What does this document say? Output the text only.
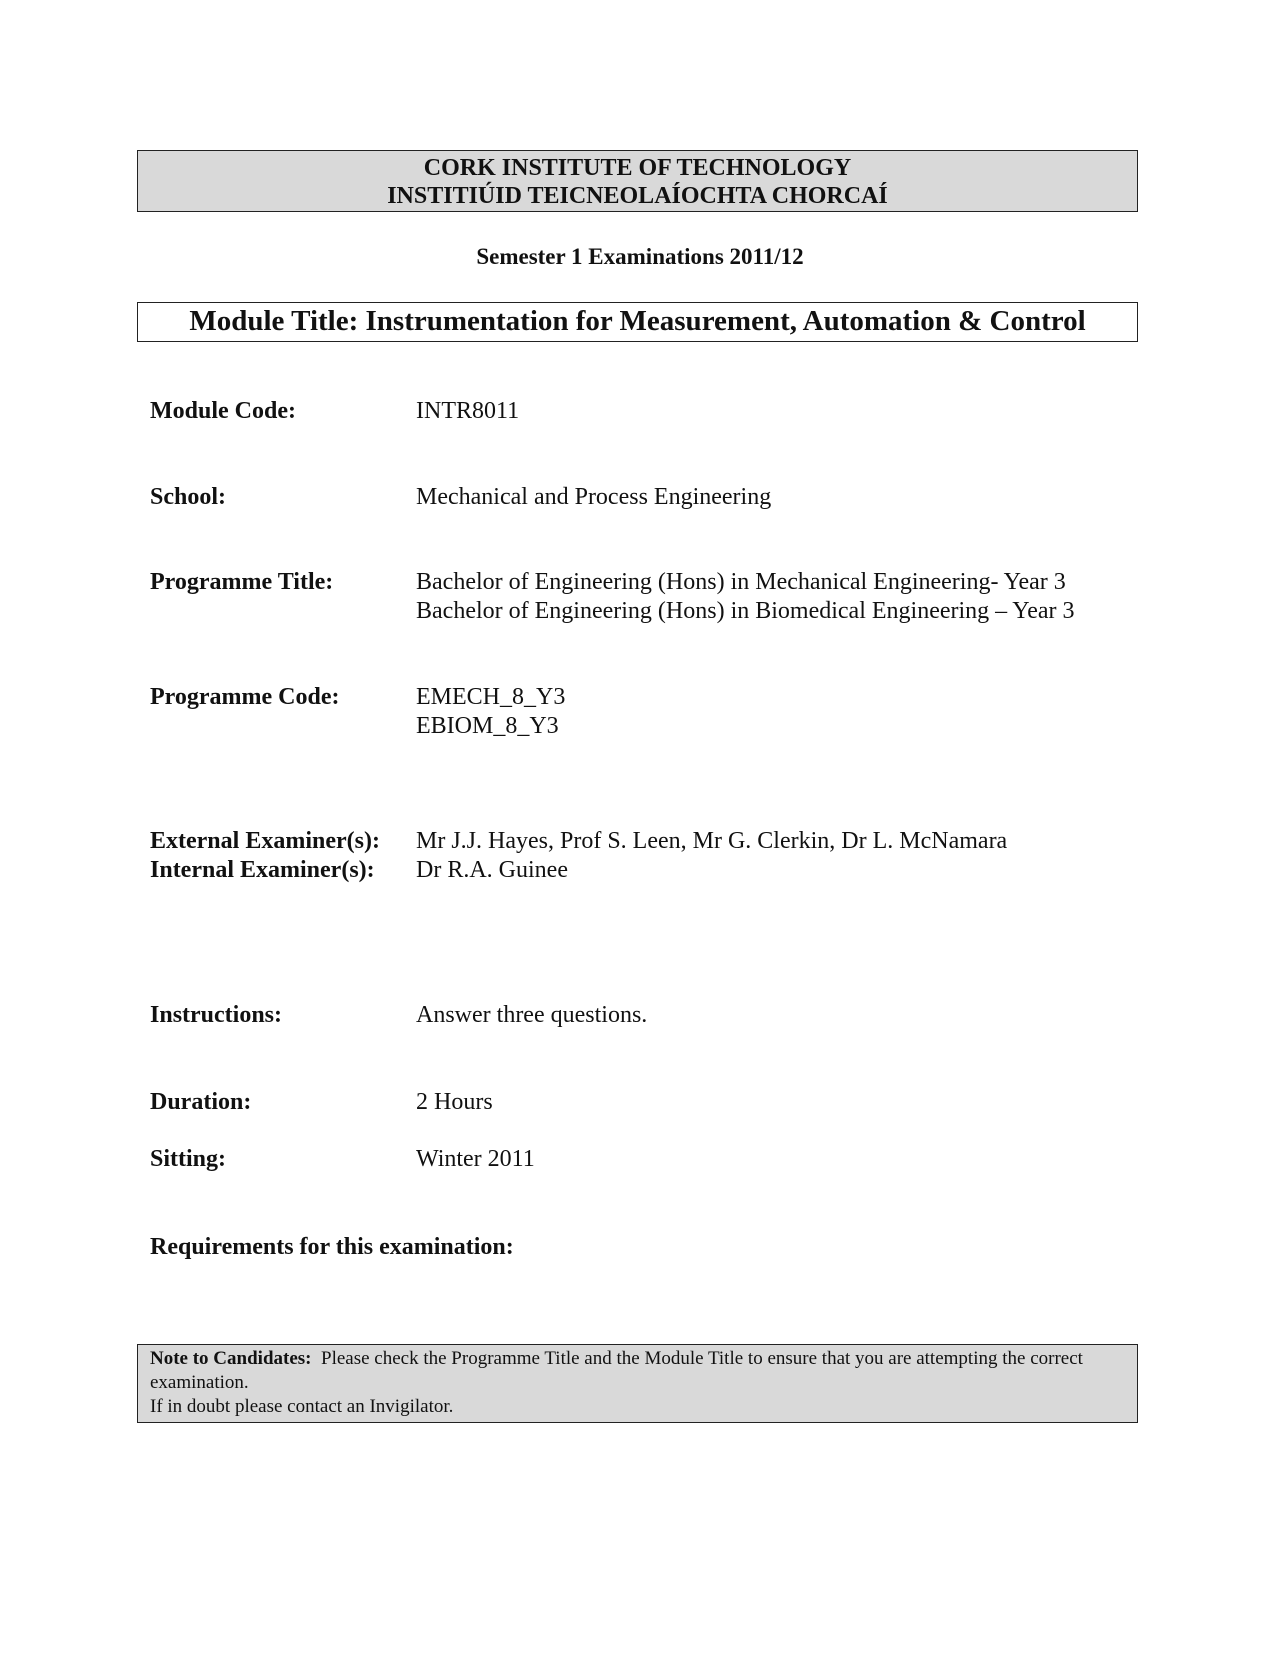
CORK INSTITUTE OF TECHNOLOGY
INSTITIÚID TEICNEOLAÍOCHTA CHORCAÍ
Semester 1 Examinations 2011/12
Module Title: Instrumentation for Measurement, Automation & Control
Module Code:	INTR8011
School:	Mechanical and Process Engineering
Programme Title:	Bachelor of Engineering (Hons) in Mechanical Engineering- Year 3
Bachelor of Engineering (Hons) in Biomedical Engineering – Year 3
Programme Code:	EMECH_8_Y3
EBIOM_8_Y3
External Examiner(s): Mr J.J. Hayes, Prof S. Leen, Mr G. Clerkin, Dr L. McNamara
Internal Examiner(s): Dr R.A. Guinee
Instructions:	Answer three questions.
Duration:	2 Hours
Sitting:	Winter 2011
Requirements for this examination:
Note to Candidates: Please check the Programme Title and the Module Title to ensure that you are attempting the correct examination.
If in doubt please contact an Invigilator.
